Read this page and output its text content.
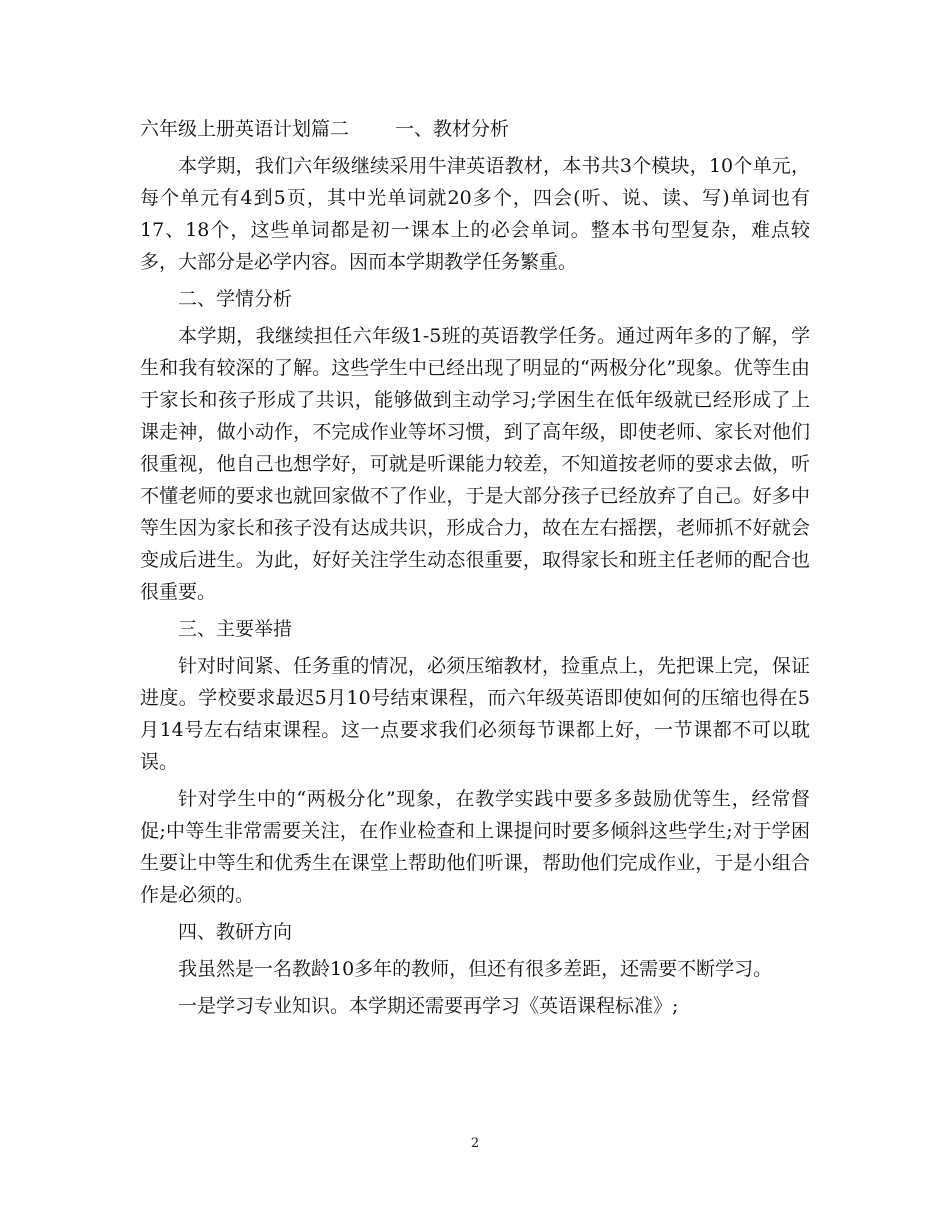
六年级上册英语计划篇二 一、教材分析

本学期，我们六年级继续采用牛津英语教材，本书共3个模块，10个单元，每个单元有4到5页，其中光单词就20多个，四会(听、说、读、写)单词也有17、18个，这些单词都是初一课本上的必会单词。整本书句型复杂，难点较多，大部分是必学内容。因而本学期教学任务繁重。

二、学情分析

本学期，我继续担任六年级1-5班的英语教学任务。通过两年多的了解，学生和我有较深的了解。这些学生中已经出现了明显的“两极分化”现象。优等生由于家长和孩子形成了共识，能够做到主动学习;学困生在低年级就已经形成了上课走神，做小动作，不完成作业等坏习惯，到了高年级，即使老师、家长对他们很重视，他自己也想学好，可就是听课能力较差，不知道按老师的要求去做，听不懂老师的要求也就回家做不了作业，于是大部分孩子已经放弃了自己。好多中等生因为家长和孩子没有达成共识，形成合力，故在左右摇摆，老师抓不好就会变成后进生。为此，好好关注学生动态很重要，取得家长和班主任老师的配合也很重要。

三、主要举措

针对时间紧、任务重的情况，必须压缩教材，捡重点上，先把课上完，保证进度。学校要求最迟5月10号结束课程，而六年级英语即使如何的压缩也得在5月14号左右结束课程。这一点要求我们必须每节课都上好，一节课都不可以耽误。

针对学生中的“两极分化”现象，在教学实践中要多多鼓励优等生，经常督促;中等生非常需要关注，在作业检查和上课提问时要多倾斜这些学生;对于学困生要让中等生和优秀生在课堂上帮助他们听课，帮助他们完成作业，于是小组合作是必须的。

四、教研方向

我虽然是一名教龄10多年的教师，但还有很多差距，还需要不断学习。

一是学习专业知识。本学期还需要再学习《英语课程标准》;

2
